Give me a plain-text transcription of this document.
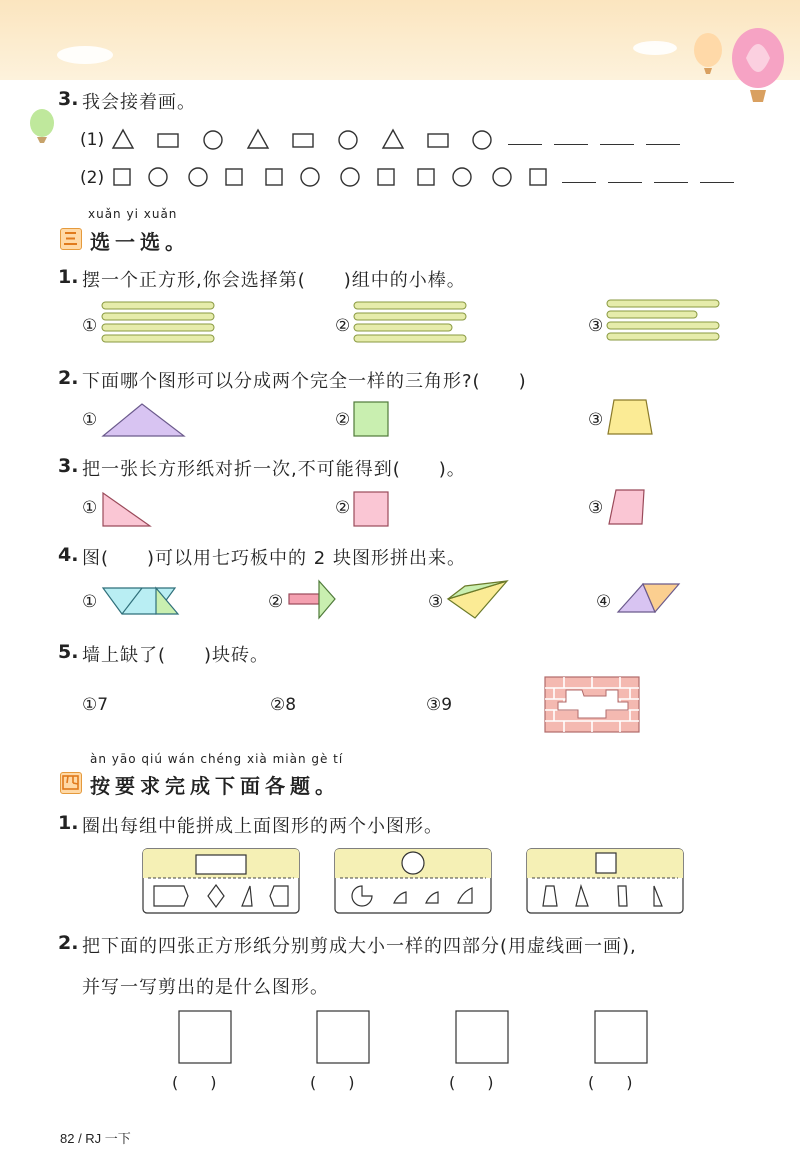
3. 我会接着画。
(1)
(2)
xuǎn yi xuǎn
选一选。
1. 摆一个正方形,你会选择第(　　)组中的小棒。
①	②	③
2. 下面哪个图形可以分成两个完全一样的三角形?(　　)
①	②	③
3. 把一张长方形纸对折一次,不可能得到(　　)。
①	②	③
4. 图(　　)可以用七巧板中的 2 块图形拼出来。
①	②	③	④
5. 墙上缺了(　　)块砖。
①7	②8	③9
àn yāo qiú wán chéng xià miàn gè tí
按要求完成下面各题。
1. 圈出每组中能拼成上面图形的两个小图形。
2. 把下面的四张正方形纸分别剪成大小一样的四部分(用虚线画一画),
并写一写剪出的是什么图形。
(　　)	(　　)	(　　)	(　　)
82 / RJ 一下
